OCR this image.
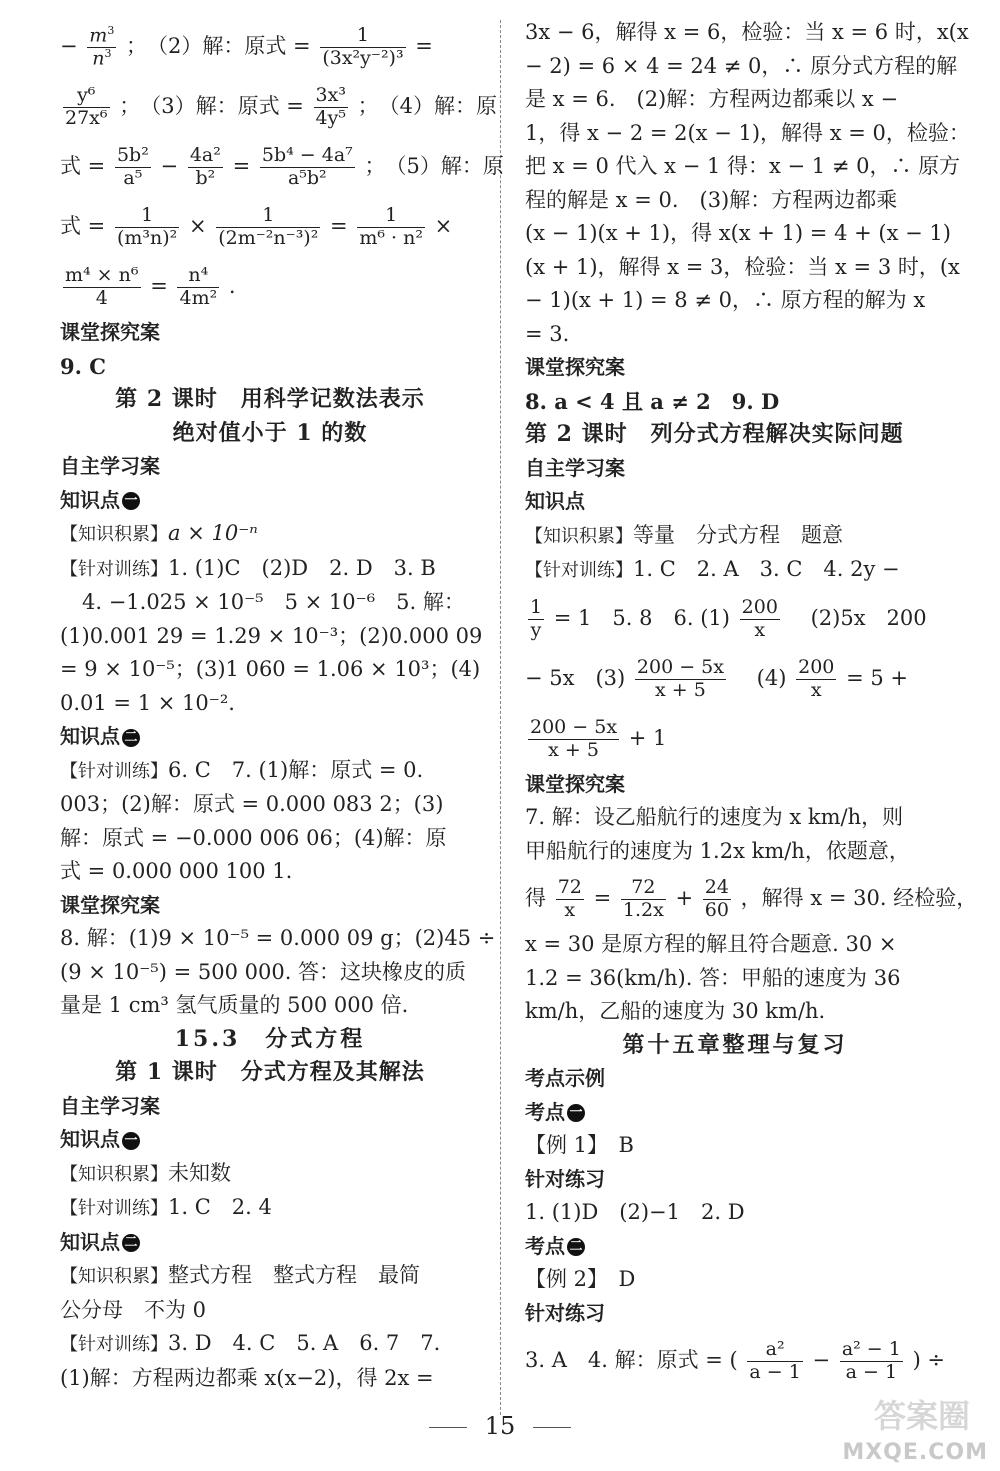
− $\frac{m^3}{n^3}$ ；　（2）解：原式 = $\frac{1}{\text{(3x²y⁻²)³}}$ =
$\frac{\text{y⁶}}{\text{27x⁶}}$ ；　（3）解：原式 = $\frac{\text{3x³}}{\text{4y⁵}}$ ；　（4）解：原
式 = $\frac{\text{5b²}}{\text{a⁵}} - \frac{\text{4a²}}{\text{b²}} = \frac{\text{5b⁴ − 4a⁷}}{\text{a⁵b²}}$ ；　（5）解：原
式 = $\frac{1}{\text{(m³n)²}} \times \frac{1}{\text{(2m⁻²n⁻³)²}} = \frac{1}{\text{m⁶ · n²}}$ ×
$\frac{\text{m⁴ × n⁶}}{4} = \frac{\text{n⁴}}{\text{4m²}}$ .
课堂探究案
9. C
第 2 课时　用科学记数法表示
绝对值小于 1 的数
自主学习案
知识点 一
【知识积累】a × 10⁻ⁿ
【针对训练】1. (1)C　(2)D　2. D　3. B
4. −1.025 × 10⁻⁵　5 × 10⁻⁶　5. 解：
(1)0.001 29 = 1.29 × 10⁻³；(2)0.000 09
= 9 × 10⁻⁵；(3)1 060 = 1.06 × 10³；(4)
0.01 = 1 × 10⁻².
知识点 二
【针对训练】6. C　7. (1)解：原式 = 0.
003；(2)解：原式 = 0.000 083 2；(3)
解：原式 = −0.000 006 06；(4)解：原
式 = 0.000 000 100 1.
课堂探究案
8. 解：(1)9 × 10⁻⁵ = 0.000 09 g；(2)45 ÷
(9 × 10⁻⁵) = 500 000. 答：这块橡皮的质
量是 1 cm³ 氢气质量的 500 000 倍.
15.3　分式方程
第 1 课时　分式方程及其解法
自主学习案
知识点 一
【知识积累】未知数
【针对训练】1. C　2. 4
知识点 二
【知识积累】整式方程　整式方程　最简
公分母　不为 0
【针对训练】3. D　4. C　5. A　6. 7　7.
(1)解：方程两边都乘 x(x−2)，得 2x =
3x − 6，解得 x = 6，检验：当 x = 6 时，x(x
− 2) = 6 × 4 = 24 ≠ 0，∴ 原分式方程的解
是 x = 6.　(2)解：方程两边都乘以 x −
1，得 x − 2 = 2(x − 1)，解得 x = 0，检验：
把 x = 0 代入 x − 1 得：x − 1 ≠ 0，∴ 原方
程的解是 x = 0.　(3)解：方程两边都乘
(x − 1)(x + 1)，得 x(x + 1) = 4 + (x − 1)
(x + 1)，解得 x = 3，检验：当 x = 3 时，(x
− 1)(x + 1) = 8 ≠ 0，∴ 原方程的解为 x
= 3.
课堂探究案
8. a < 4 且 a ≠ 2　9. D
第 2 课时　列分式方程解决实际问题
自主学习案
知识点
【知识积累】等量　分式方程　题意
【针对训练】1. C　2. A　3. C　4. 2y −
$\frac{1}{y} = 1$　5. 8　6. $(1) \frac{200}{x}$ 　(2)5x　200
− 5x　$(3) \frac{200 - 5x}{x + 5}$ 　$(4) \frac{200}{x} = 5$ +
$\frac{200 - 5x}{x + 5} + 1$
课堂探究案
7. 解：设乙船航行的速度为 x km/h，则
甲船航行的速度为 1.2x km/h，依题意，
得 $\frac{72}{x} = \frac{72}{1.2x} + \frac{24}{60}$ ，解得 x = 30. 经检验，
x = 30 是原方程的解且符合题意. 30 ×
1.2 = 36(km/h). 答：甲船的速度为 36
km/h，乙船的速度为 30 km/h.
第十五章整理与复习
考点示例
考点 一
【例 1】　B
针对练习
1. (1)D　(2)−1　2. D
考点 二
【例 2】　D
针对练习
3. A　4. 解：原式 = ( $\frac{\text{a²}}{a - 1} - \frac{\text{a² − 1}}{a - 1}$ ) ÷
15	答案圈
MXQE.COM
